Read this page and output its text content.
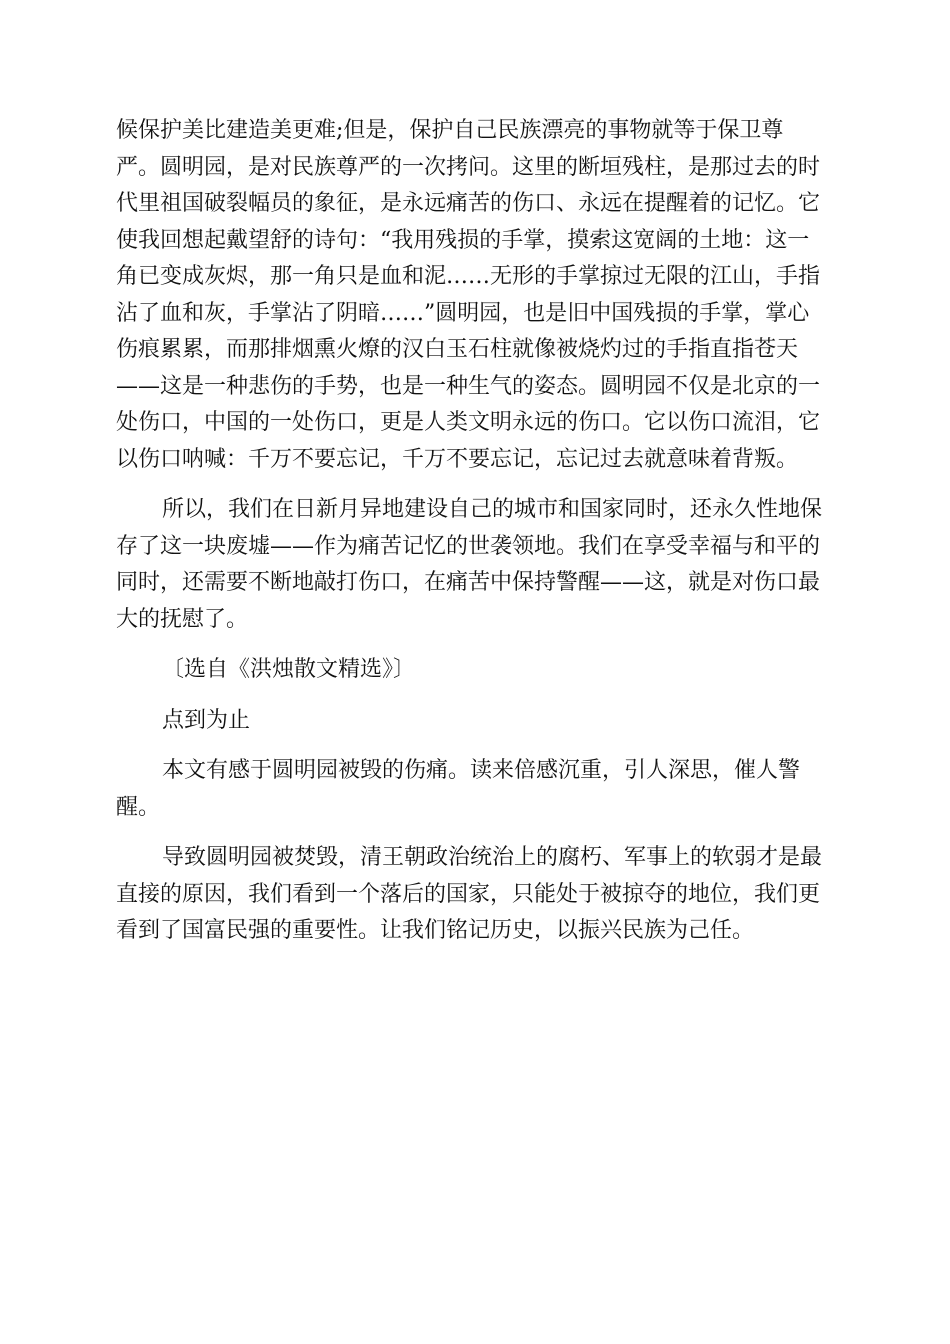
候保护美比建造美更难;但是，保护自己民族漂亮的事物就等于保卫尊
严。圆明园，是对民族尊严的一次拷问。这里的断垣残柱，是那过去的时
代里祖国破裂幅员的象征，是永远痛苦的伤口、永远在提醒着的记忆。它
使我回想起戴望舒的诗句：“我用残损的手掌，摸索这宽阔的土地：这一
角已变成灰烬，那一角只是血和泥……无形的手掌掠过无限的江山，手指
沾了血和灰，手掌沾了阴暗……”圆明园，也是旧中国残损的手掌，掌心
伤痕累累，而那排烟熏火燎的汉白玉石柱就像被烧灼过的手指直指苍天
——这是一种悲伤的手势，也是一种生气的姿态。圆明园不仅是北京的一
处伤口，中国的一处伤口，更是人类文明永远的伤口。它以伤口流泪，它
以伤口呐喊：千万不要忘记，千万不要忘记，忘记过去就意味着背叛。
所以，我们在日新月异地建设自己的城市和国家同时，还永久性地保
存了这一块废墟——作为痛苦记忆的世袭领地。我们在享受幸福与和平的
同时，还需要不断地敲打伤口，在痛苦中保持警醒——这，就是对伤口最
大的抚慰了。
〔选自《洪烛散文精选》〕
点到为止
本文有感于圆明园被毁的伤痛。读来倍感沉重，引人深思，催人警
醒。
导致圆明园被焚毁，清王朝政治统治上的腐朽、军事上的软弱才是最
直接的原因，我们看到一个落后的国家，只能处于被掠夺的地位，我们更
看到了国富民强的重要性。让我们铭记历史，以振兴民族为己任。
